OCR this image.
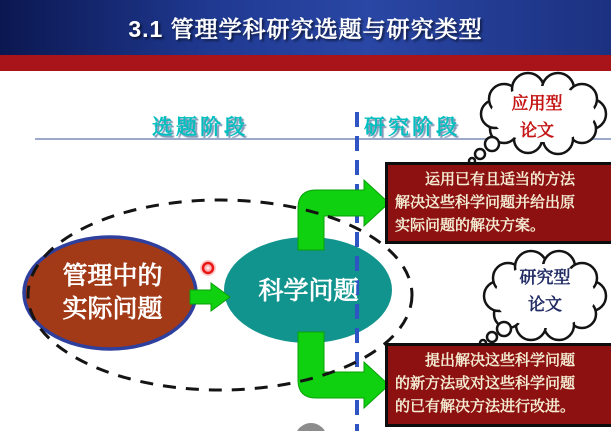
3.1 管理学科研究选题与研究类型
选题阶段	研究阶段
管理中的
实际问题
科学问题
运用已有且适当的方法
解决这些科学问题并给出原
实际问题的解决方案。
提出解决这些科学问题
的新方法或对这些科学问题
的已有解决方法进行改进。
应用型
论文
研究型
论文
